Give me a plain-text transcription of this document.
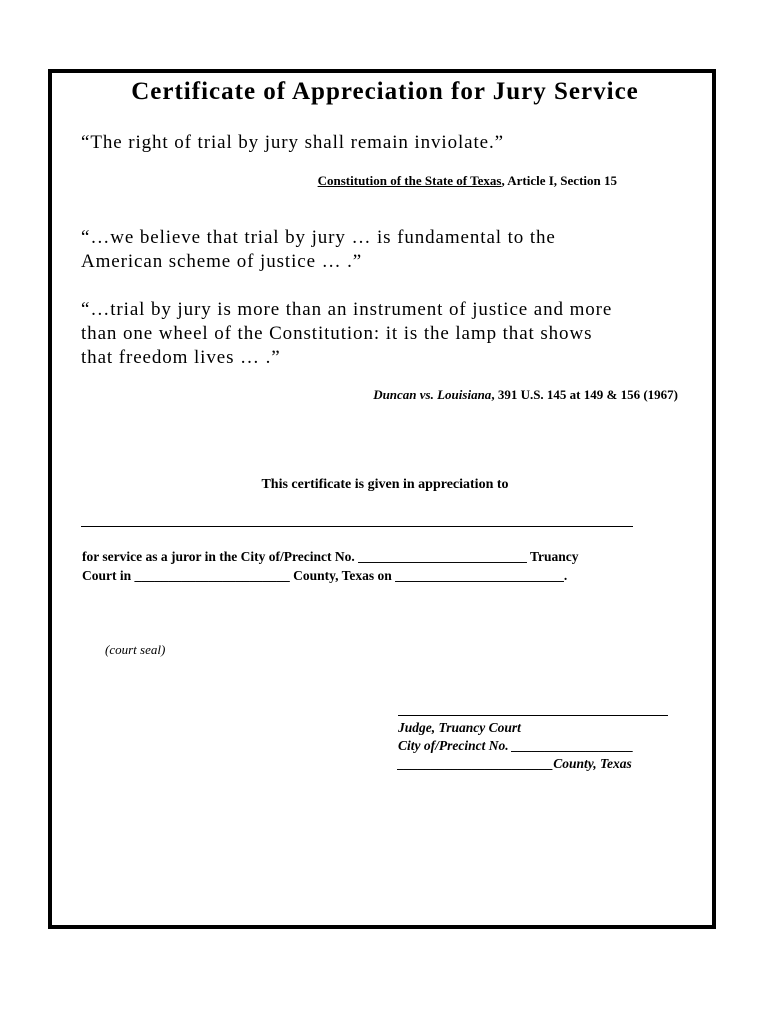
Certificate of Appreciation for Jury Service
“The right of trial by jury shall remain inviolate.”
Constitution of the State of Texas, Article I, Section 15
“…we believe that trial by jury … is fundamental to the
American scheme of justice … .”
“…trial by jury is more than an instrument of justice and more
than one wheel of the Constitution: it is the lamp that shows
that freedom lives … .”
Duncan vs. Louisiana, 391 U.S. 145 at 149 & 156 (1967)
This certificate is given in appreciation to
for service as a juror in the City of/Precinct No. _________________________ Truancy
Court in _______________________ County, Texas on _________________________.
(court seal)
Judge, Truancy Court
City of/Precinct No. __________________
_______________________County, Texas
